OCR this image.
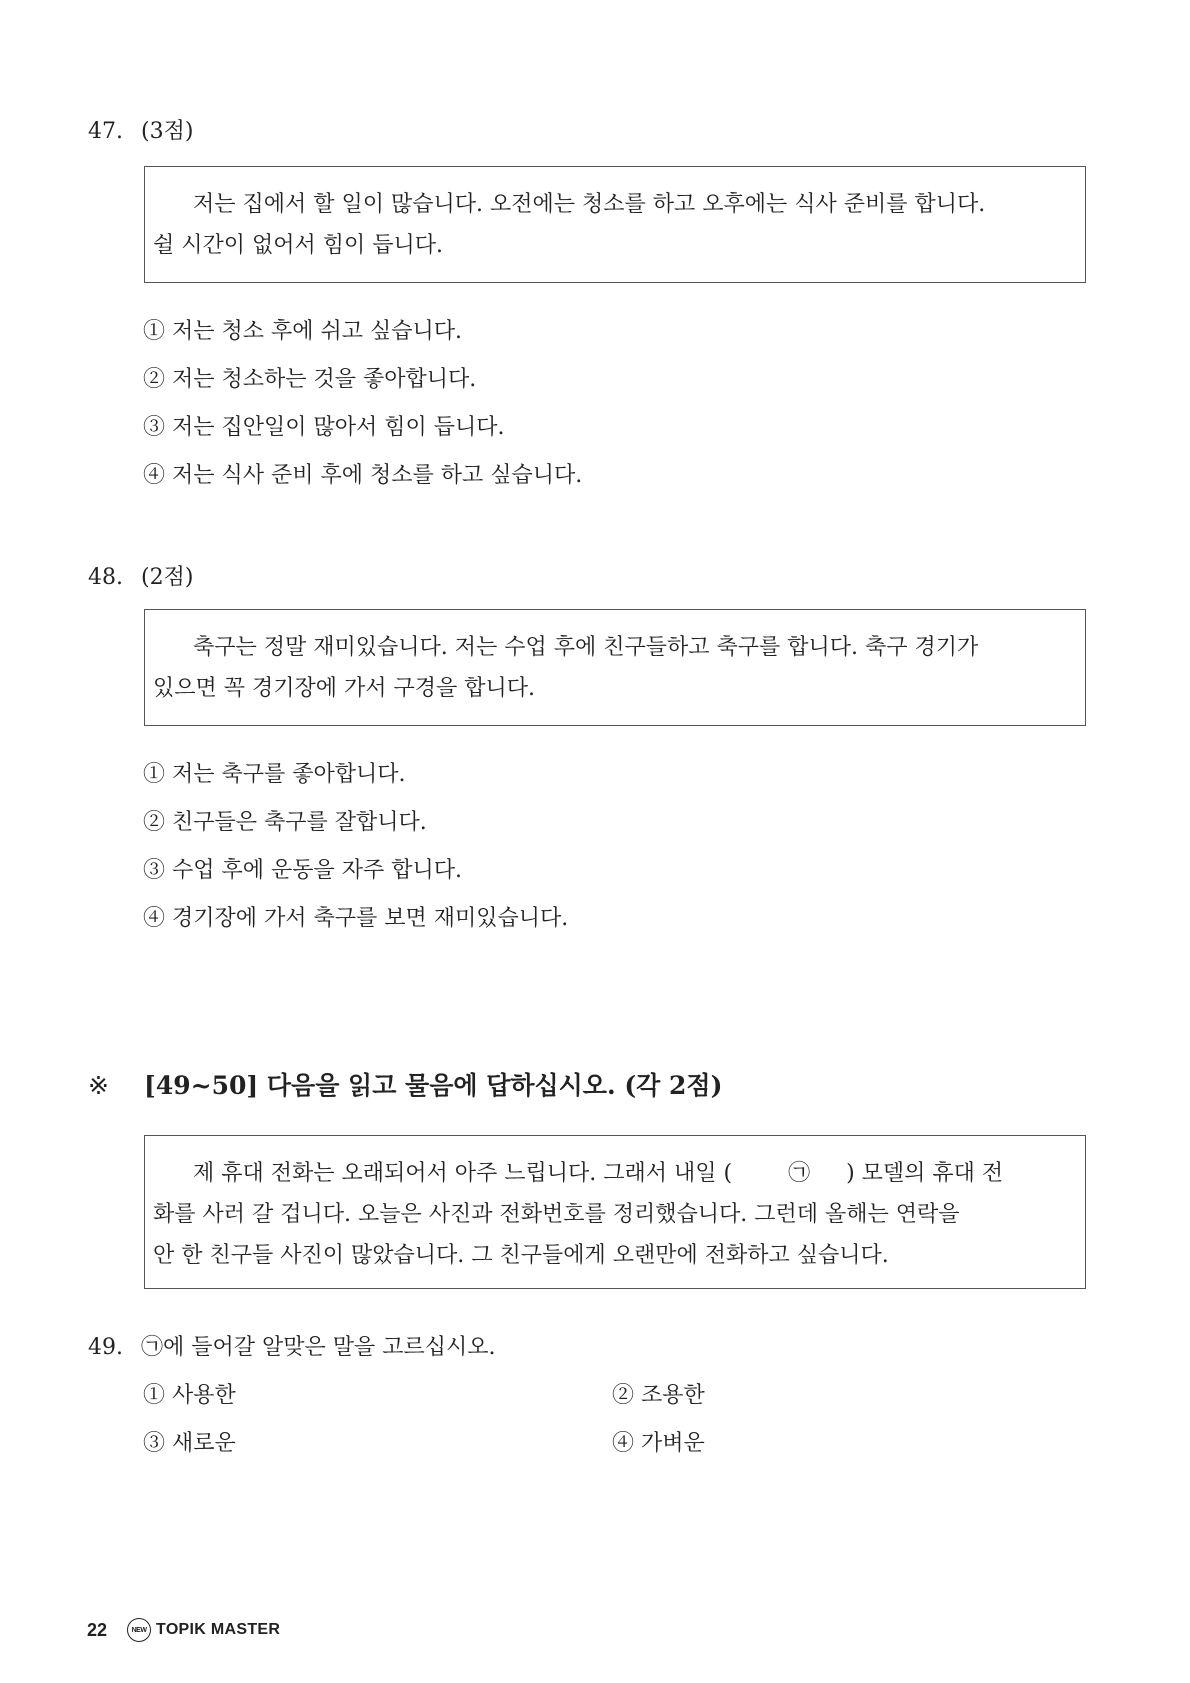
47. (3점)

저는 집에서 할 일이 많습니다. 오전에는 청소를 하고 오후에는 식사 준비를 합니다.
쉴 시간이 없어서 힘이 듭니다.

① 저는 청소 후에 쉬고 싶습니다.
② 저는 청소하는 것을 좋아합니다.
③ 저는 집안일이 많아서 힘이 듭니다.
④ 저는 식사 준비 후에 청소를 하고 싶습니다.
48. (2점)

축구는 정말 재미있습니다. 저는 수업 후에 친구들하고 축구를 합니다. 축구 경기가
있으면 꼭 경기장에 가서 구경을 합니다.

① 저는 축구를 좋아합니다.
② 친구들은 축구를 잘합니다.
③ 수업 후에 운동을 자주 합니다.
④ 경기장에 가서 축구를 보면 재미있습니다.
※ [49~50] 다음을 읽고 물음에 답하십시오. (각 2점)

제 휴대 전화는 오래되어서 아주 느립니다. 그래서 내일 (	㉠ ) 모델의 휴대 전
화를 사러 갈 겁니다. 오늘은 사진과 전화번호를 정리했습니다. 그런데 올해는 연락을
안 한 친구들 사진이 많았습니다. 그 친구들에게 오랜만에 전화하고 싶습니다.

49. ㉠에 들어갈 알맞은 말을 고르십시오.
① 사용한	② 조용한
③ 새로운	④ 가벼운
22	NEW TOPIK MASTER
